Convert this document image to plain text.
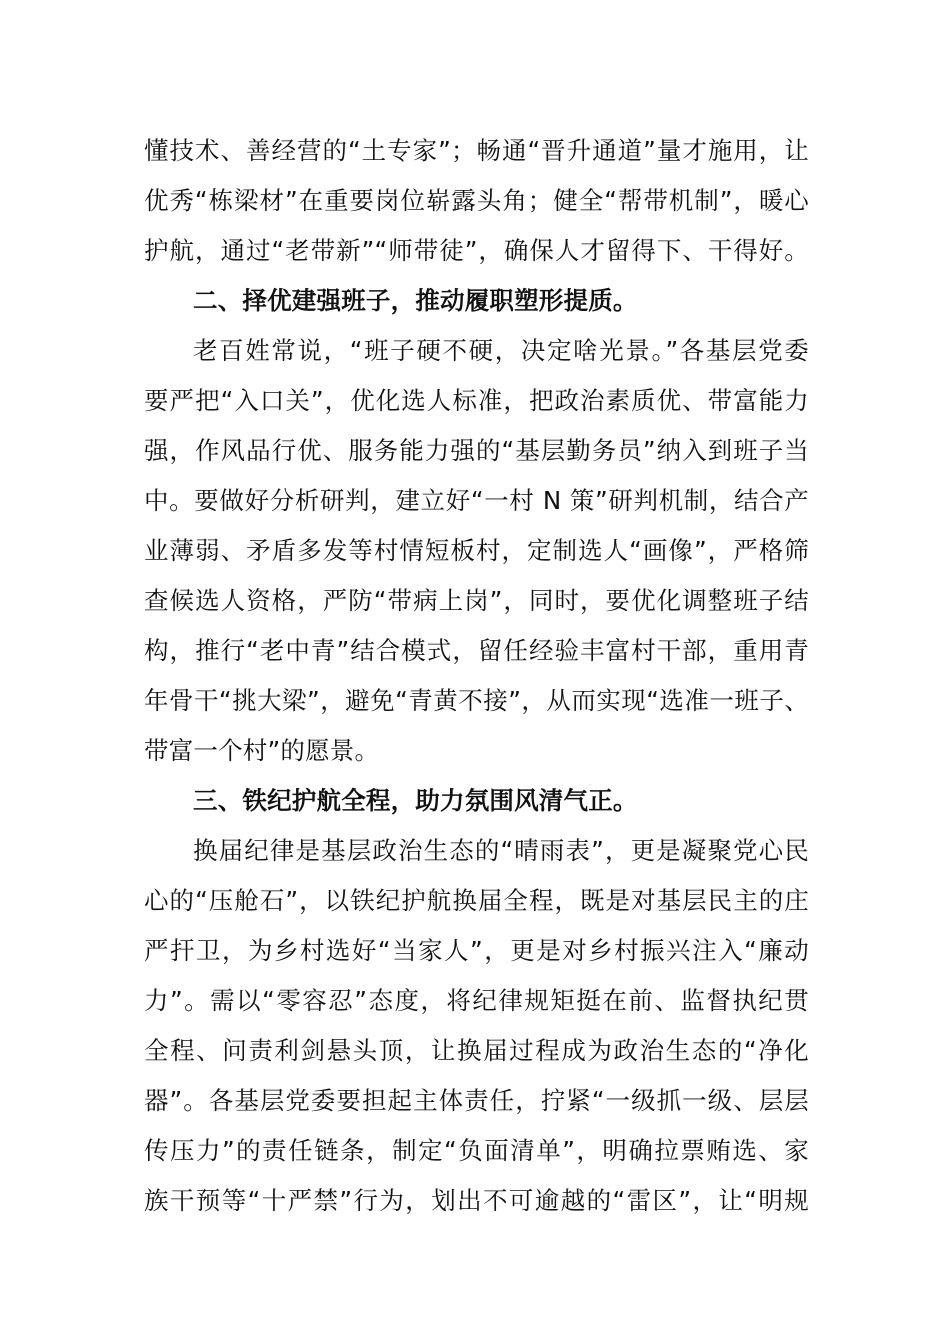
懂技术、善经营的“土专家”；畅通“晋升通道”量才施用，让
优秀“栋梁材”在重要岗位崭露头角；健全“帮带机制”，暖心
护航，通过“老带新”“师带徒”，确保人才留得下、干得好。
二、择优建强班子，推动履职塑形提质。
老百姓常说，“班子硬不硬，决定啥光景。”各基层党委
要严把“入口关”，优化选人标准，把政治素质优、带富能力
强，作风品行优、服务能力强的“基层勤务员”纳入到班子当
中。要做好分析研判，建立好“一村 N 策”研判机制，结合产
业薄弱、矛盾多发等村情短板村，定制选人“画像”，严格筛
查候选人资格，严防“带病上岗”，同时，要优化调整班子结
构，推行“老中青”结合模式，留任经验丰富村干部，重用青
年骨干“挑大梁”，避免“青黄不接”，从而实现“选准一班子、
带富一个村”的愿景。
三、铁纪护航全程，助力氛围风清气正。
换届纪律是基层政治生态的“晴雨表”，更是凝聚党心民
心的“压舱石”，以铁纪护航换届全程，既是对基层民主的庄
严扞卫，为乡村选好“当家人”，更是对乡村振兴注入“廉动
力”。需以“零容忍”态度，将纪律规矩挺在前、监督执纪贯
全程、问责利剑悬头顶，让换届过程成为政治生态的“净化
器”。各基层党委要担起主体责任，拧紧“一级抓一级、层层
传压力”的责任链条，制定“负面清单”，明确拉票贿选、家
族干预等“十严禁”行为，划出不可逾越的“雷区”，让“明规
